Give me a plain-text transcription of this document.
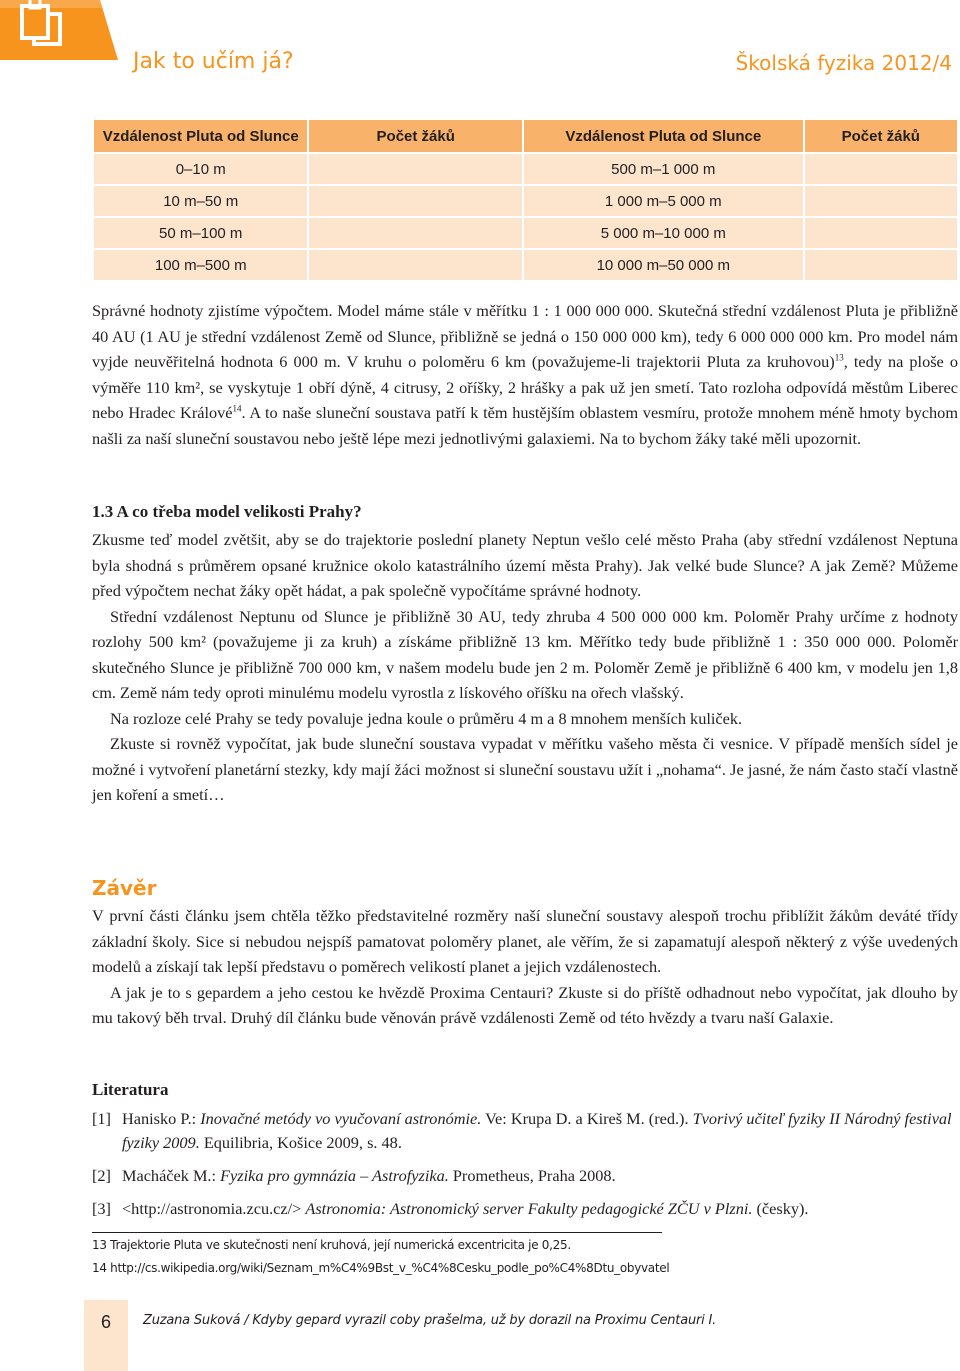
Jak to učím já?	Školská fyzika 2012/4
Vzdálenost Pluta od Slunce	Počet žáků	Vzdálenost Pluta od Slunce	Počet žáků
0–10 m		500 m–1 000 m	
10 m–50 m		1 000 m–5 000 m	
50 m–100 m		5 000 m–10 000 m	
100 m–500 m		10 000 m–50 000 m	

Správné hodnoty zjistíme výpočtem. Model máme stále v měřítku 1 : 1 000 000 000. Skutečná střední vzdálenost Pluta je přibližně 40 AU (1 AU je střední vzdálenost Země od Slunce, přibližně se jedná o 150 000 000 km), tedy 6 000 000 000 km. Pro model nám vyjde neuvěřitelná hodnota 6 000 m. V kruhu o poloměru 6 km (považujeme-li trajektorii Pluta za kruhovou)$^{13}$, tedy na ploše o výměře 110 km², se vyskytuje 1 obří dýně, 4 citrusy, 2 oříšky, 2 hrášky a pak už jen smetí. Tato rozloha odpovídá městům Liberec nebo Hradec Králové$^{14}$. A to naše sluneční soustava patří k těm hustějším oblastem vesmíru, protože mnohem méně hmoty bychom našli za naší sluneční soustavou nebo ještě lépe mezi jednotlivými galaxiemi. Na to bychom žáky také měli upozornit.

1.3 A co třeba model velikosti Prahy?

Zkusme teď model zvětšit, aby se do trajektorie poslední planety Neptun vešlo celé město Praha (aby střední vzdálenost Neptuna byla shodná s průměrem opsané kružnice okolo katastrálního území města Prahy). Jak velké bude Slunce? A jak Země? Můžeme před výpočtem nechat žáky opět hádat, a pak společně vypočítáme správné hodnoty.

Střední vzdálenost Neptunu od Slunce je přibližně 30 AU, tedy zhruba 4 500 000 000 km. Poloměr Prahy určíme z hodnoty rozlohy 500 km² (považujeme ji za kruh) a získáme přibližně 13 km. Měřítko tedy bude přibližně 1 : 350 000 000. Poloměr skutečného Slunce je přibližně 700 000 km, v našem modelu bude jen 2 m. Poloměr Země je přibližně 6 400 km, v modelu jen 1,8 cm. Země nám tedy oproti minulému modelu vyrostla z lískového oříšku na ořech vlašský.

Na rozloze celé Prahy se tedy povaluje jedna koule o průměru 4 m a 8 mnohem menších kuliček.

Zkuste si rovněž vypočítat, jak bude sluneční soustava vypadat v měřítku vašeho města či vesnice. V případě menších sídel je možné i vytvoření planetární stezky, kdy mají žáci možnost si sluneční soustavu užít i „nohama“. Je jasné, že nám často stačí vlastně jen koření a smetí…

Závěr

V první části článku jsem chtěla těžko představitelné rozměry naší sluneční soustavy alespoň trochu přiblížit žákům deváté třídy základní školy. Sice si nebudou nejspíš pamatovat poloměry planet, ale věřím, že si zapamatují alespoň některý z výše uvedených modelů a získají tak lepší představu o poměrech velikostí planet a jejich vzdálenostech.

A jak je to s gepardem a jeho cestou ke hvězdě Proxima Centauri? Zkuste si do příště odhadnout nebo vypočítat, jak dlouho by mu takový běh trval. Druhý díl článku bude věnován právě vzdálenosti Země od této hvězdy a tvaru naší Galaxie.

Literatura
[1] Hanisko P.: Inovačné metódy vo vyučovaní astronómie. Ve: Krupa D. a Kireš M. (red.). Tvorivý učiteľ fyziky II Národný festival fyziky 2009. Equilibria, Košice 2009, s. 48.
[2] Macháček M.: Fyzika pro gymnázia – Astrofyzika. Prometheus, Praha 2008.
[3] <http://astronomia.zcu.cz/> Astronomia: Astronomický server Fakulty pedagogické ZČU v Plzni. (česky).
13 Trajektorie Pluta ve skutečnosti není kruhová, její numerická excentricita je 0,25.
14 http://cs.wikipedia.org/wiki/Seznam_m%C4%9Bst_v_%C4%8Cesku_podle_po%C4%8Dtu_obyvatel
6	Zuzana Suková / Kdyby gepard vyrazil coby prašelma, už by dorazil na Proximu Centauri I.
